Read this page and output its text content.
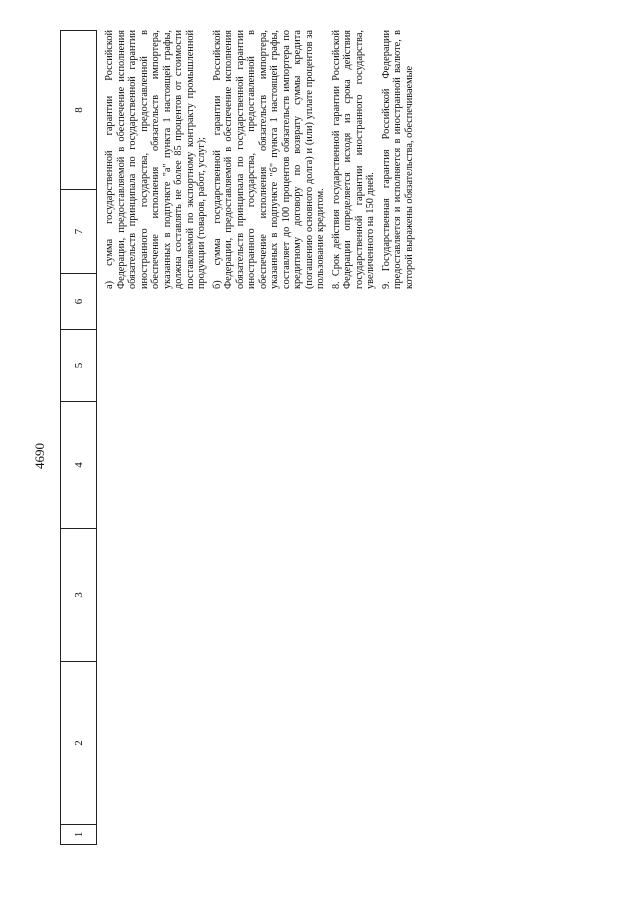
4690
1
2
3
4
5
6
7
8	а) сумма государственной гарантии Российской Федерации, предоставляемой в обеспечение исполнения обязательств принципала по государственной гарантии иностранного государства, предоставленной в обеспечение исполнения обязательств импортера, указанных в подпункте "а" пункта 1 настоящей графы, должна составлять не более 85 процентов от стоимости поставляемой по экспортному контракту промышленной продукции (товаров, работ, услуг); б) сумма государственной гарантии Российской Федерации, предоставляемой в обеспечение исполнения обязательств принципала по государственной гарантии иностранного государства, предоставленной в обеспечение исполнения обязательств импортера, указанных в подпункте "б" пункта 1 настоящей графы, составляет до 100 процентов обязательств импортера по кредитному договору по возврату суммы кредита (погашению основного долга) и (или) уплате процентов за пользование кредитом. 8. Срок действия государственной гарантии Российской Федерации определяется исходя из срока действия государственной гарантии иностранного государства, увеличенного на 150 дней. 9. Государственная гарантия Российской Федерации предоставляется и исполняется в иностранной валюте, в которой выражены обязательства, обеспечиваемые
